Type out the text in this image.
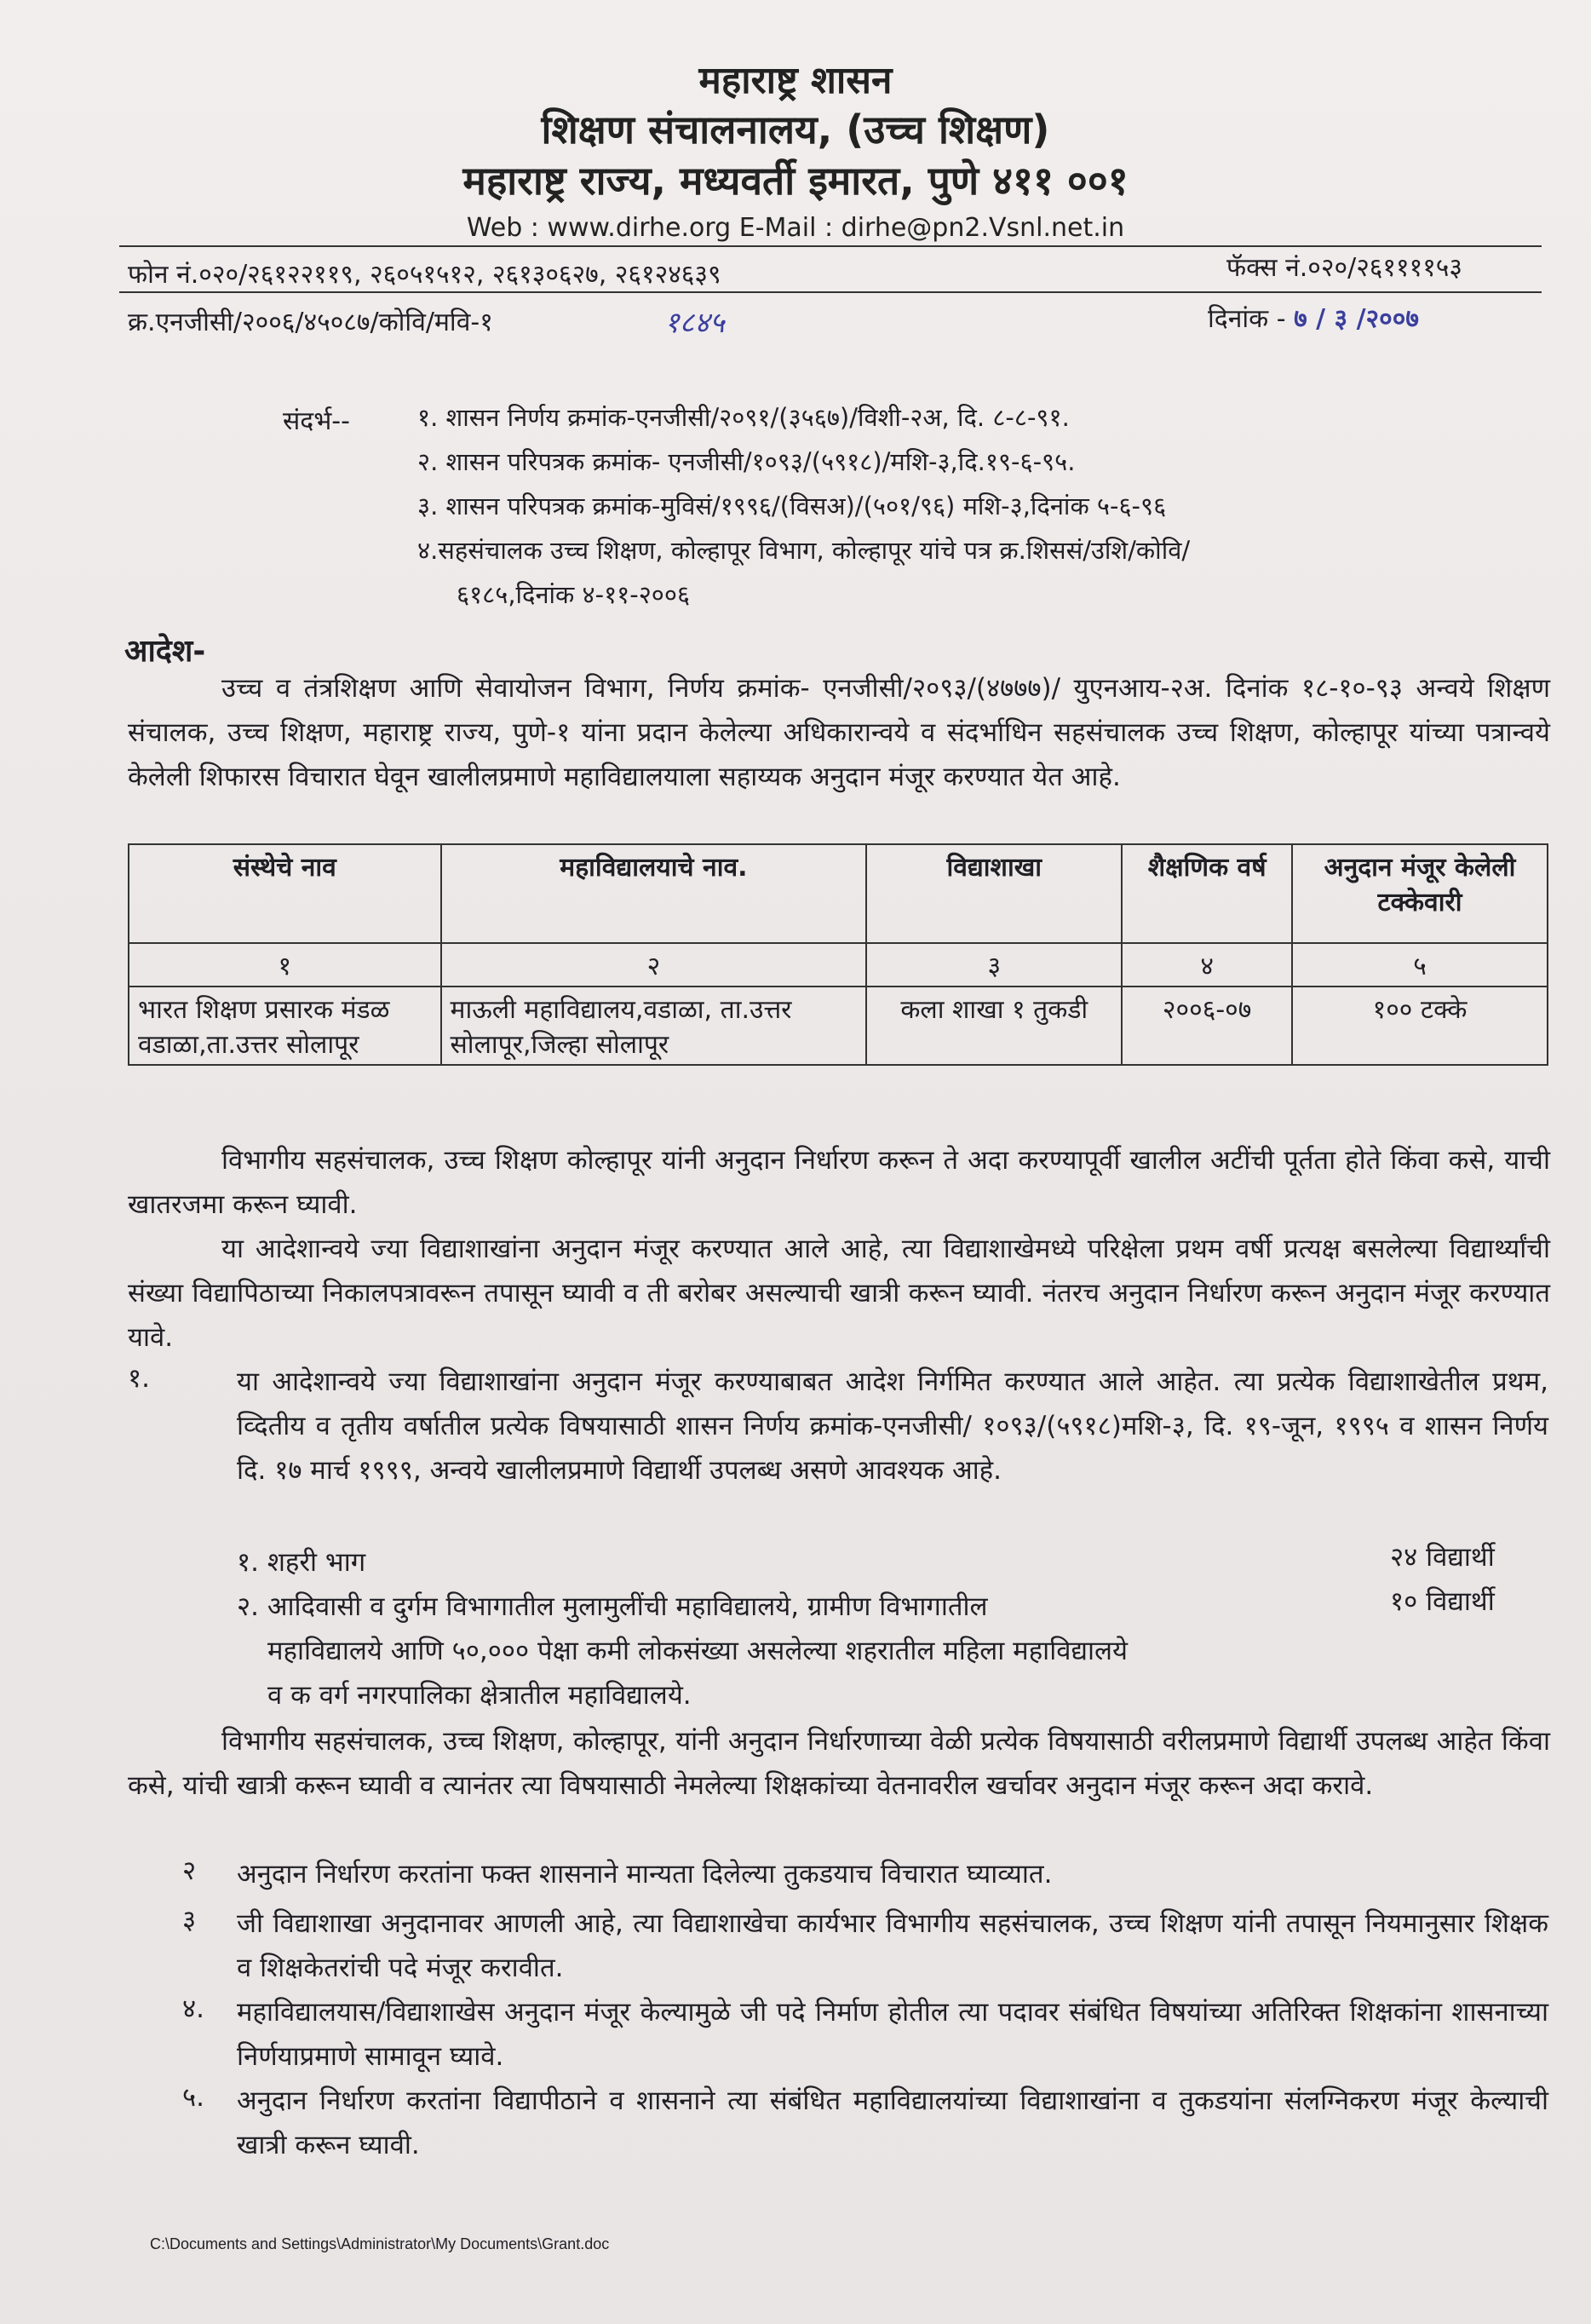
महाराष्ट्र शासन
शिक्षण संचालनालय, (उच्च शिक्षण)
महाराष्ट्र राज्य, मध्यवर्ती इमारत, पुणे ४११ ००१
Web : www.dirhe.org E-Mail : dirhe@pn2.Vsnl.net.in
फोन नं.०२०/२६१२२११९, २६०५१५१२, २६१३०६२७, २६१२४६३९	फॅक्स नं.०२०/२६११११५३
क्र.एनजीसी/२००६/४५०८७/कोवि/मवि-१	१८४५	दिनांक - ७ / ३ /२००७
संदर्भ--	१. शासन निर्णय क्रमांक-एनजीसी/२०९१/(३५६७)/विशी-२अ, दि. ८-८-९१.
२. शासन परिपत्रक क्रमांक- एनजीसी/१०९३/(५९१८)/मशि-३,दि.१९-६-९५.
३. शासन परिपत्रक क्रमांक-मुविसं/१९९६/(विसअ)/(५०१/९६) मशि-३,दिनांक ५-६-९६
४.सहसंचालक उच्च शिक्षण, कोल्हापूर विभाग, कोल्हापूर यांचे पत्र क्र.शिससं/उशि/कोवि/
६१८५,दिनांक ४-११-२००६
आदेश-
उच्च व तंत्रशिक्षण आणि सेवायोजन विभाग, निर्णय क्रमांक- एनजीसी/२०९३/(४७७७)/ युएनआय-२अ. दिनांक १८-१०-९३ अन्वये शिक्षण संचालक, उच्च शिक्षण, महाराष्ट्र राज्य, पुणे-१ यांना प्रदान केलेल्या अधिकारान्वये व संदर्भाधिन सहसंचालक उच्च शिक्षण, कोल्हापूर यांच्या पत्रान्वये केलेली शिफारस विचारात घेवून खालीलप्रमाणे महाविद्यालयाला सहाय्यक अनुदान मंजूर करण्यात येत आहे.
संस्थेचे नाव	महाविद्यालयाचे नाव.	विद्याशाखा	शैक्षणिक वर्ष	अनुदान मंजूर केलेली टक्केवारी
१	२	३	४	५
भारत शिक्षण प्रसारक मंडळ वडाळा,ता.उत्तर सोलापूर	माऊली महाविद्यालय,वडाळा, ता.उत्तर सोलापूर,जिल्हा सोलापूर	कला शाखा १ तुकडी	२००६-०७	१०० टक्के
विभागीय सहसंचालक, उच्च शिक्षण कोल्हापूर यांनी अनुदान निर्धारण करून ते अदा करण्यापूर्वी खालील अटींची पूर्तता होते किंवा कसे, याची खातरजमा करून घ्यावी.
या आदेशान्वये ज्या विद्याशाखांना अनुदान मंजूर करण्यात आले आहे, त्या विद्याशाखेमध्ये परिक्षेला प्रथम वर्षी प्रत्यक्ष बसलेल्या विद्यार्थ्यांची संख्या विद्यापिठाच्या निकालपत्रावरून तपासून घ्यावी व ती बरोबर असल्याची खात्री करून घ्यावी. नंतरच अनुदान निर्धारण करून अनुदान मंजूर करण्यात यावे.
१.	या आदेशान्वये ज्या विद्याशाखांना अनुदान मंजूर करण्याबाबत आदेश निर्गमित करण्यात आले आहेत. त्या प्रत्येक विद्याशाखेतील प्रथम, व्दितीय व तृतीय वर्षातील प्रत्येक विषयासाठी शासन निर्णय क्रमांक-एनजीसी/ १०९३/(५९१८)मशि-३, दि. १९-जून, १९९५ व शासन निर्णय दि. १७ मार्च १९९९, अन्वये खालीलप्रमाणे विद्यार्थी उपलब्ध असणे आवश्यक आहे.
१. शहरी भाग	२४ विद्यार्थी
२. आदिवासी व दुर्गम विभागातील मुलामुलींची महाविद्यालये, ग्रामीण विभागातील	१० विद्यार्थी
महाविद्यालये आणि ५०,००० पेक्षा कमी लोकसंख्या असलेल्या शहरातील महिला महाविद्यालये
व क वर्ग नगरपालिका क्षेत्रातील महाविद्यालये.
विभागीय सहसंचालक, उच्च शिक्षण, कोल्हापूर, यांनी अनुदान निर्धारणाच्या वेळी प्रत्येक विषयासाठी वरीलप्रमाणे विद्यार्थी उपलब्ध आहेत किंवा कसे, यांची खात्री करून घ्यावी व त्यानंतर त्या विषयासाठी नेमलेल्या शिक्षकांच्या वेतनावरील खर्चावर अनुदान मंजूर करून अदा करावे.
२ अनुदान निर्धारण करतांना फक्त शासनाने मान्यता दिलेल्या तुकडयाच विचारात घ्याव्यात.
३ जी विद्याशाखा अनुदानावर आणली आहे, त्या विद्याशाखेचा कार्यभार विभागीय सहसंचालक, उच्च शिक्षण यांनी तपासून नियमानुसार शिक्षक व शिक्षकेतरांची पदे मंजूर करावीत.
४. महाविद्यालयास/विद्याशाखेस अनुदान मंजूर केल्यामुळे जी पदे निर्माण होतील त्या पदावर संबंधित विषयांच्या अतिरिक्त शिक्षकांना शासनाच्या निर्णयाप्रमाणे सामावून घ्यावे.
५. अनुदान निर्धारण करतांना विद्यापीठाने व शासनाने त्या संबंधित महाविद्यालयांच्या विद्याशाखांना व तुकडयांना संलग्निकरण मंजूर केल्याची खात्री करून घ्यावी.
C:\Documents and Settings\Administrator\My Documents\Grant.doc
